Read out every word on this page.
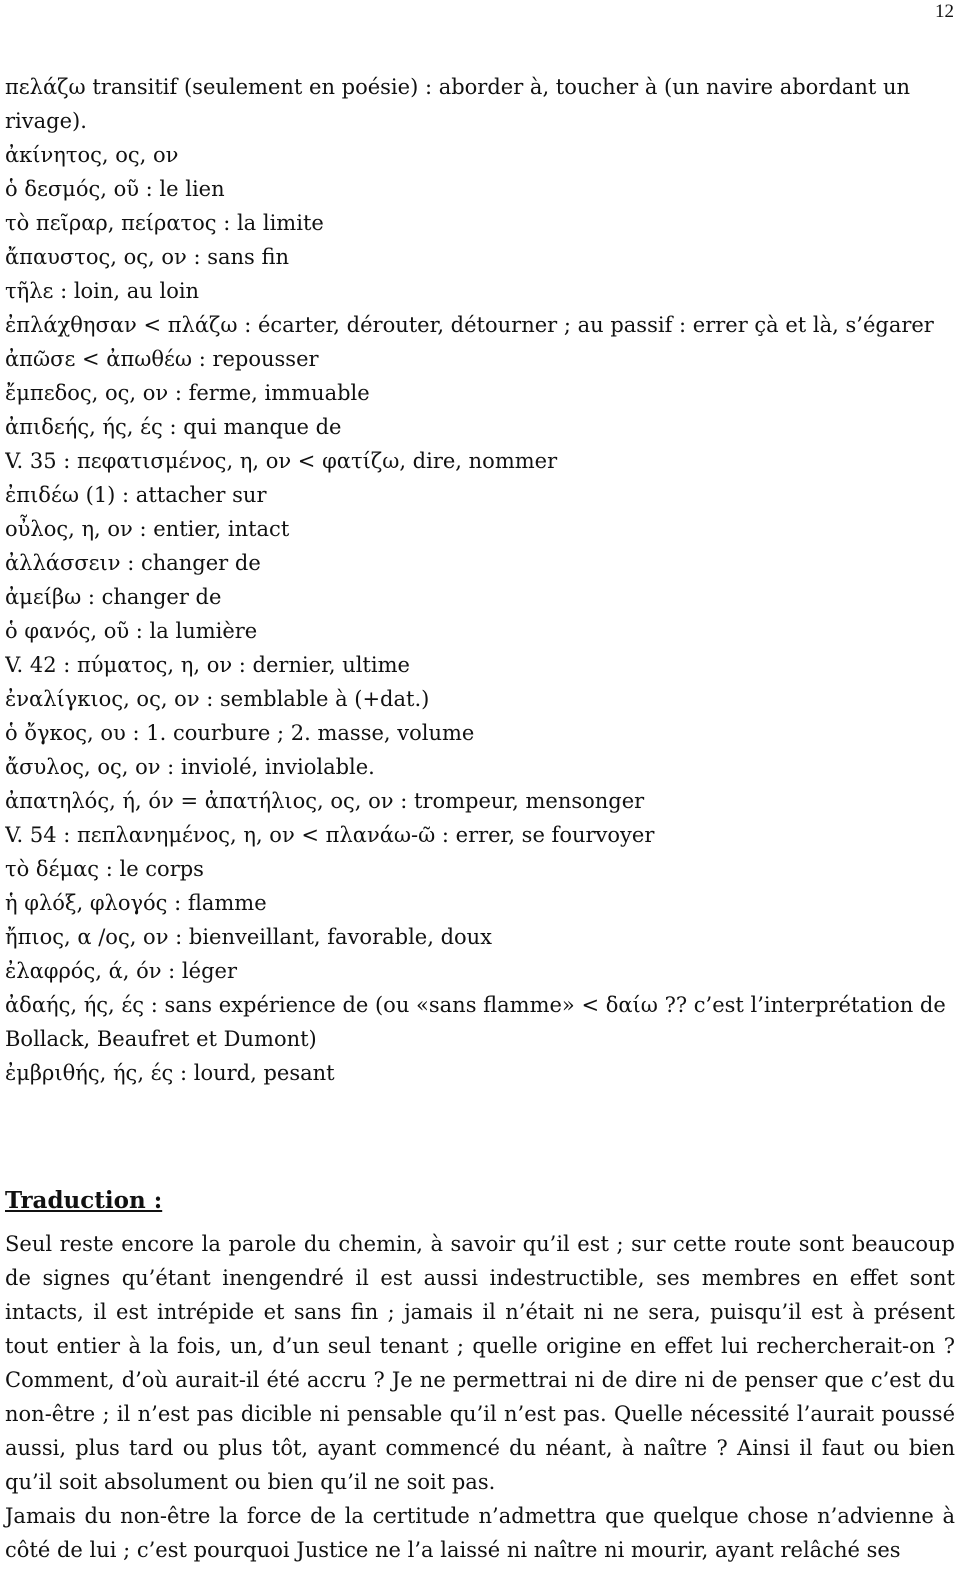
12
πελάζω transitif (seulement en poésie) : aborder à, toucher à (un navire abordant un rivage).
ἀκίνητος, ος, ον
ὁ δεσμός, οῦ : le lien
τὸ πεῖραρ, πείρατος : la limite
ἄπαυστος, ος, ον : sans fin
τῆλε : loin, au loin
ἐπλάχθησαν < πλάζω : écarter, dérouter, détourner ; au passif : errer çà et là, s’égarer
ἀπῶσε < ἀπωθέω : repousser
ἔμπεδος, ος, ον : ferme, immuable
ἀπιδεής, ής, ές : qui manque de
V. 35 : πεφατισμένος, η, ον < φατίζω, dire, nommer
ἐπιδέω (1) : attacher sur
οὖλος, η, ον : entier, intact
ἀλλάσσειν : changer de
ἀμείβω : changer de
ὁ φανός, οῦ : la lumière
V. 42 : πύματος, η, ον : dernier, ultime
ἐναλίγκιος, ος, ον : semblable à (+dat.)
ὁ ὄγκος, ου : 1. courbure ; 2. masse, volume
ἄσυλος, ος, ον : inviolé, inviolable.
ἀπατηλός, ή, όν = ἀπατήλιος, ος, ον : trompeur, mensonger
V. 54 : πεπλανημένος, η, ον < πλανάω-ῶ : errer, se fourvoyer
τὸ δέμας : le corps
ἡ φλόξ, φλογός : flamme
ἤπιος, α /ος, ον : bienveillant, favorable, doux
ἐλαφρός, ά, όν : léger
ἀδαής, ής, ές : sans expérience de (ou «sans flamme» < δαίω ?? c’est l’interprétation de Bollack, Beaufret et Dumont)
ἐμβριθής, ής, ές : lourd, pesant
Traduction :

Seul reste encore la parole du chemin, à savoir qu’il est ; sur cette route sont beaucoup de signes qu’étant inengendré il est aussi indestructible, ses membres en effet sont intacts, il est intrépide et sans fin ; jamais il n’était ni ne sera, puisqu’il est à présent tout entier à la fois, un, d’un seul tenant ; quelle origine en effet lui rechercherait-on ? Comment, d’où aurait-il été accru ? Je ne permettrai ni de dire ni de penser que c’est du non-être ; il n’est pas dicible ni pensable qu’il n’est pas. Quelle nécessité l’aurait poussé aussi, plus tard ou plus tôt, ayant commencé du néant, à naître ? Ainsi il faut ou bien qu’il soit absolument ou bien qu’il ne soit pas.

Jamais du non-être la force de la certitude n’admettra que quelque chose n’advienne à côté de lui ; c’est pourquoi Justice ne l’a laissé ni naître ni mourir, ayant relâché ses
